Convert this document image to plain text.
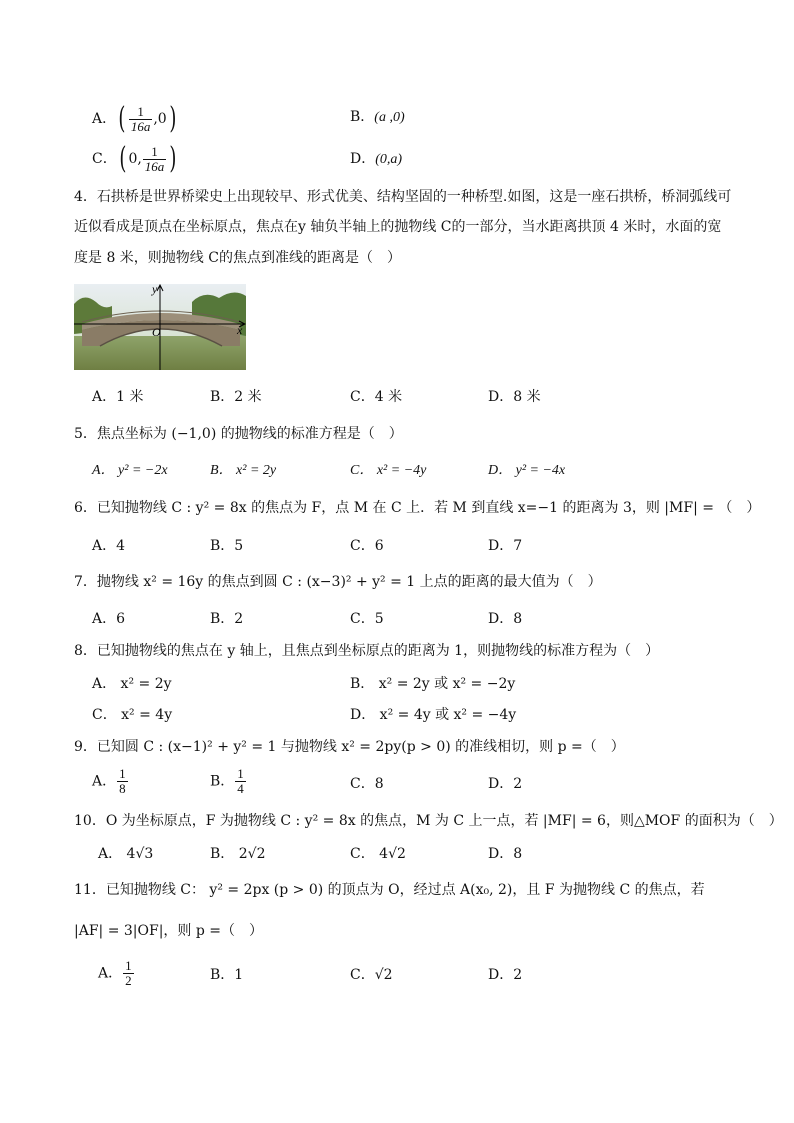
A．( $\frac{1}{16a} ,0$)	B．(a ,0)
C．( 0, $\frac{1}{16a}$ )	D．(0,a)
4．石拱桥是世界桥梁史上出现较早、形式优美、结构坚固的一种桥型.如图，这是一座石拱桥，桥洞弧线可
近似看成是顶点在坐标原点，焦点在y 轴负半轴上的抛物线 C的一部分，当水距离拱顶 4 米时，水面的宽
度是 8 米，则抛物线 C的焦点到准线的距离是（　）
y
O	x
A．1 米	B．2 米	C．4 米	D．8 米
5．焦点坐标为 (−1,0) 的抛物线的标准方程是（　）
A． y² = −2x	B． x² = 2y	C． x² = −4y	D． y² = −4x
6．已知抛物线 C : y² = 8x 的焦点为 F，点 M 在 C 上．若 M 到直线 x=−1 的距离为 3，则 |MF| = （　）
A．4	B．5	C．6	D．7
7．抛物线 x² = 16y 的焦点到圆 C : (x−3)² + y² = 1 上点的距离的最大值为（　）
A．6	B．2	C．5	D．8
8．已知抛物线的焦点在 y 轴上，且焦点到坐标原点的距离为 1，则抛物线的标准方程为（　）
A． x² = 2y	B． x² = 2y 或 x² = −2y
C． x² = 4y	D． x² = 4y 或 x² = −4y
9．已知圆 C : (x−1)² + y² = 1 与抛物线 x² = 2py(p > 0) 的准线相切，则 p =（　）
A． $\frac{1}{8}$	B． $\frac{1}{4}$	C．8	D．2
10．O 为坐标原点，F 为抛物线 C : y² = 8x 的焦点，M 为 C 上一点，若 |MF| = 6，则△MOF 的面积为（　）
A． 4√3	B． 2√2	C． 4√2	D．8
11．已知抛物线 C： y² = 2px (p > 0) 的顶点为 O，经过点 A(x₀, 2)，且 F 为抛物线 C 的焦点，若
|AF| = 3|OF|，则 p =（　）
A． $\frac{1}{2}$	B．1	C．√2	D．2
